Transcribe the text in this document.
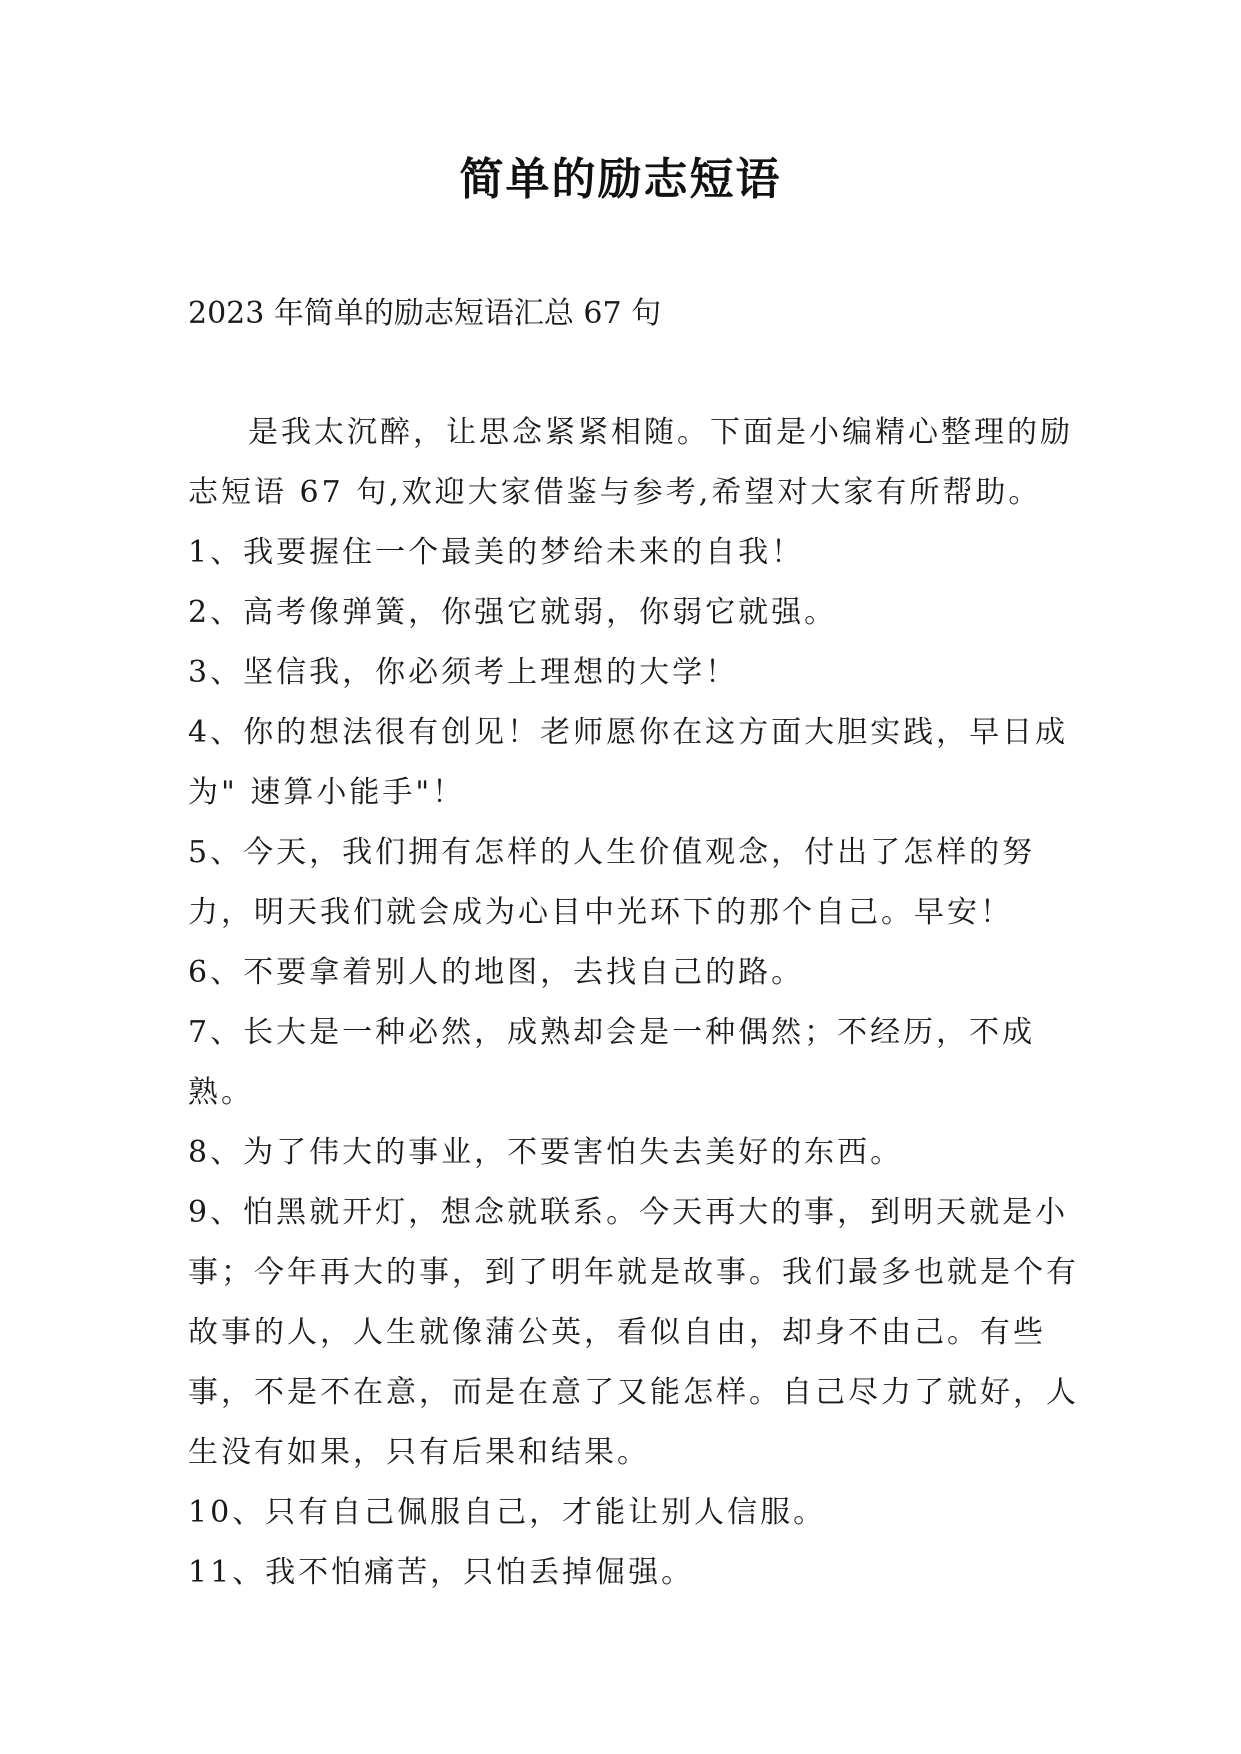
简单的励志短语
2023 年简单的励志短语汇总 67 句

是我太沉醉，让思念紧紧相随。下面是小编精心整理的励志短语 67 句,欢迎大家借鉴与参考,希望对大家有所帮助。

1、我要握住一个最美的梦给未来的自我！

2、高考像弹簧，你强它就弱，你弱它就强。

3、坚信我，你必须考上理想的大学！

4、你的想法很有创见！老师愿你在这方面大胆实践，早日成为" 速算小能手"！

5、今天，我们拥有怎样的人生价值观念，付出了怎样的努力，明天我们就会成为心目中光环下的那个自己。早安！

6、不要拿着别人的地图，去找自己的路。

7、长大是一种必然，成熟却会是一种偶然；不经历，不成熟。

8、为了伟大的事业，不要害怕失去美好的东西。

9、怕黑就开灯，想念就联系。今天再大的事，到明天就是小事；今年再大的事，到了明年就是故事。我们最多也就是个有故事的人，人生就像蒲公英，看似自由，却身不由己。有些事，不是不在意，而是在意了又能怎样。自己尽力了就好，人生没有如果，只有后果和结果。

10、只有自己佩服自己，才能让别人信服。

11、我不怕痛苦，只怕丢掉倔强。
